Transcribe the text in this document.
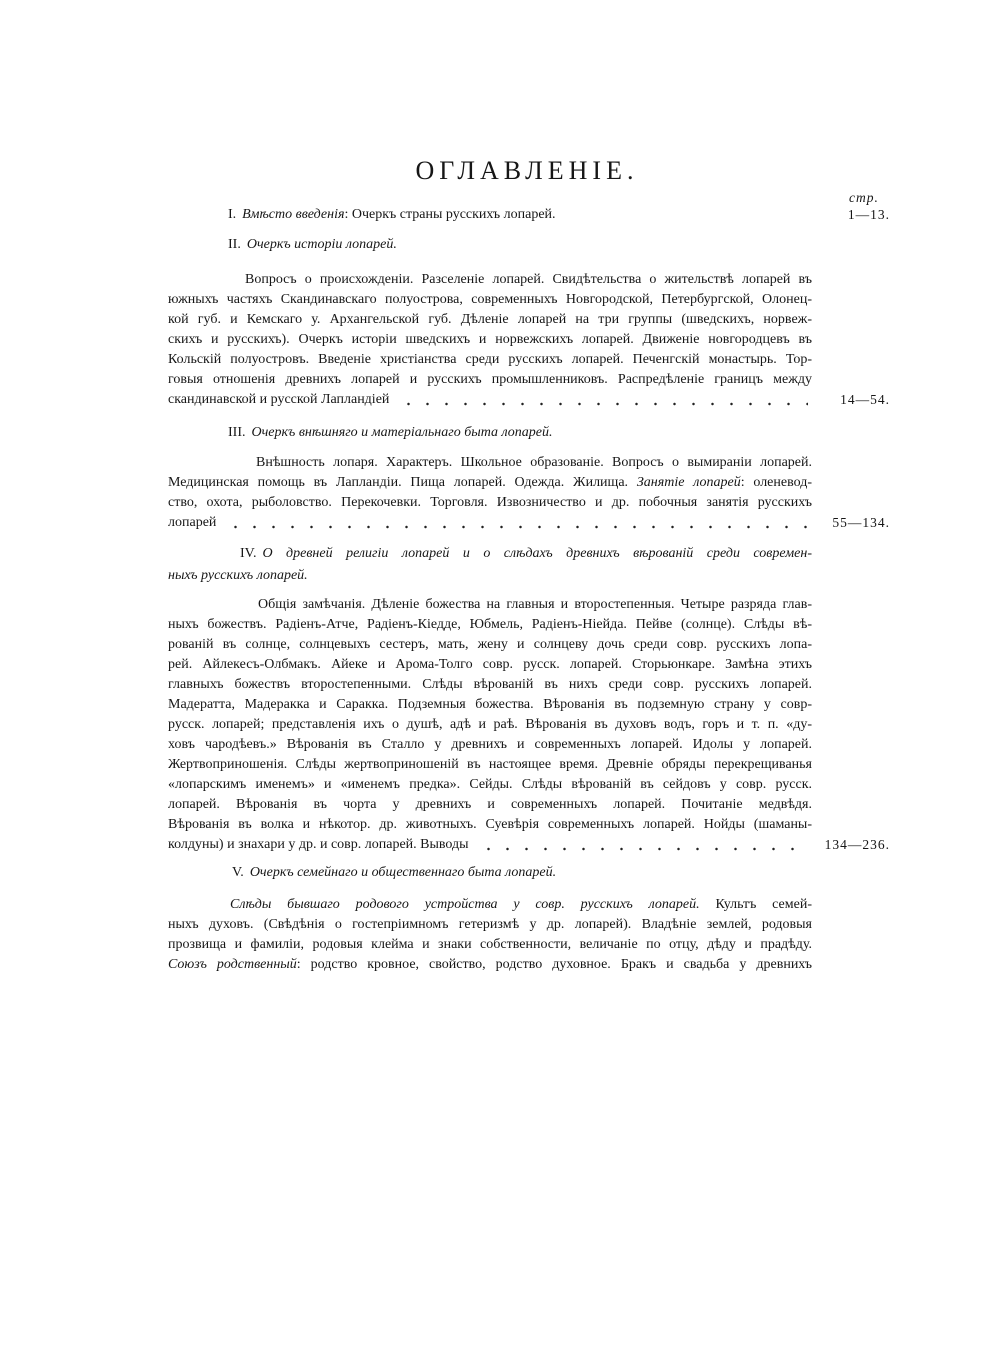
ОГЛАВЛЕНІЕ.
стр.
I. Вмѣсто введенія: Очеркъ страны русскихъ лопарей.	1—13.
II. Очеркъ исторіи лопарей.
Вопросъ о происхожденіи. Разселеніе лопарей. Свидѣтельства о жительствѣ лопарей въ
южныхъ частяхъ Скандинавскаго полуострова, современныхъ Новгородской, Петербургской, Олонец-
кой губ. и Кемскаго у. Архангельской губ. Дѣленіе лопарей на три группы (шведскихъ, норвеж-
скихъ и русскихъ). Очеркъ исторіи шведскихъ и норвежскихъ лопарей. Движеніе новгородцевъ въ
Кольскій полуостровъ. Введеніе христіанства среди русскихъ лопарей. Печенгскій монастырь. Тор-
говыя отношенія древнихъ лопарей и русскихъ промышленниковъ. Распредѣленіе границъ между
скандинавской и русской Лапландіей	14—54.
III. Очеркъ внѣшняго и матеріальнаго быта лопарей.
Внѣшность лопаря. Характеръ. Школьное образованіе. Вопросъ о вымираніи лопарей.
Медицинская помощь въ Лапландіи. Пища лопарей. Одежда. Жилища. Занятіе лопарей: оленевод-
ство, охота, рыболовство. Перекочевки. Торговля. Извозничество и др. побочныя занятія русскихъ
лопарей	55—134.
IV. О древней религіи лопарей и о слѣдахъ древнихъ вѣрованій среди современ-
ныхъ русскихъ лопарей.
Общія замѣчанія. Дѣленіе божества на главныя и второстепенныя. Четыре разряда глав-
ныхъ божествъ. Радіенъ-Атче, Радіенъ-Кіедде, Юбмель, Радіенъ-Ніейда. Пейве (солнце). Слѣды вѣ-
рованій въ солнце, солнцевыхъ сестеръ, мать, жену и солнцеву дочь среди совр. русскихъ лопа-
рей. Айлекесъ-Олбмакъ. Айеке и Арома-Толго совр. русск. лопарей. Сторьюнкаре. Замѣна этихъ
главныхъ божествъ второстепенными. Слѣды вѣрованій въ нихъ среди совр. русскихъ лопарей.
Мадератта, Мадеракка и Саракка. Подземныя божества. Вѣрованія въ подземную страну у совр-
русск. лопарей; представленія ихъ о душѣ, адѣ и раѣ. Вѣрованія въ духовъ водъ, горъ и т. п. «ду-
ховъ чародѣевъ.» Вѣрованія въ Сталло у древнихъ и современныхъ лопарей. Идолы у лопарей.
Жертвоприношенія. Слѣды жертвоприношеній въ настоящее время. Древніе обряды перекрещиванья
«лопарскимъ именемъ» и «именемъ предка». Сейды. Слѣды вѣрованій въ сейдовъ у совр. русск.
лопарей. Вѣрованія въ чорта у древнихъ и современныхъ лопарей. Почитаніе медвѣдя.
Вѣрованія въ волка и нѣкотор. др. животныхъ. Суевѣрія современныхъ лопарей. Нойды (шаманы-
колдуны) и знахари у др. и совр. лопарей. Выводы	134—236.
V. Очеркъ семейнаго и общественнаго быта лопарей.
Слѣды бывшаго родового устройства у совр. русскихъ лопарей. Культъ семей-
ныхъ духовъ. (Свѣдѣнія о гостепріимномъ гетеризмѣ у др. лопарей). Владѣніе землей, родовыя
прозвища и фамиліи, родовыя клейма и знаки собственности, величаніе по отцу, дѣду и прадѣду.
Союзъ родственный: родство кровное, свойство, родство духовное. Бракъ и свадьба у древнихъ
